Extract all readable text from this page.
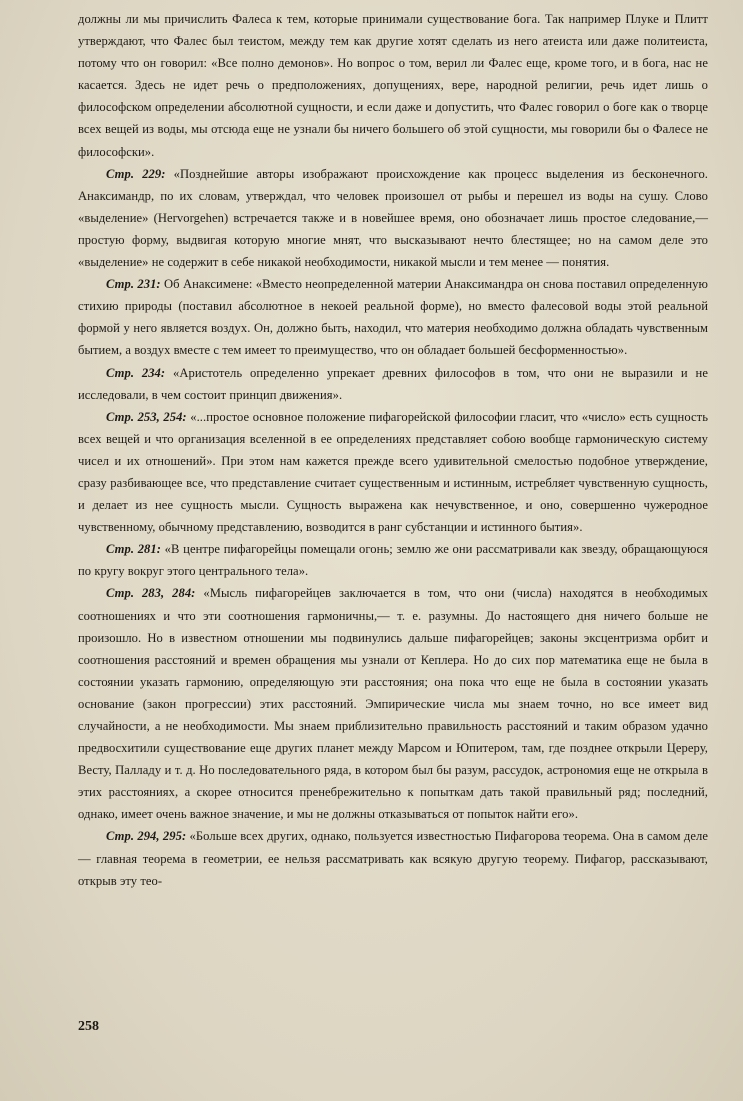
должны ли мы причислить Фалеса к тем, которые принимали существование бога. Так например Плуке и Плитт утверждают, что Фалес был теистом, между тем как другие хотят сделать из него атеиста или даже политеиста, потому что он говорил: «Все полно демонов». Но вопрос о том, верил ли Фалес еще, кроме того, и в бога, нас не касается. Здесь не идет речь о предположениях, допущениях, вере, народной религии, речь идет лишь о философском определении абсолютной сущности, и если даже и допустить, что Фалес говорил о боге как о творце всех вещей из воды, мы отсюда еще не узнали бы ничего большего об этой сущности, мы говорили бы о Фалесе не философски».

Стр. 229: «Позднейшие авторы изображают происхождение как процесс выделения из бесконечного. Анаксимандр, по их словам, утверждал, что человек произошел от рыбы и перешел из воды на сушу. Слово «выделение» (Hervorgehen) встречается также и в новейшее время, оно обозначает лишь простое следование,— простую форму, выдвигая которую многие мнят, что высказывают нечто блестящее; но на самом деле это «выделение» не содержит в себе никакой необходимости, никакой мысли и тем менее — понятия.

Стр. 231: Об Анаксимене: «Вместо неопределенной материи Анаксимандра он снова поставил определенную стихию природы (поставил абсолютное в некоей реальной форме), но вместо фалесовой воды этой реальной формой у него является воздух. Он, должно быть, находил, что материя необходимо должна обладать чувственным бытием, а воздух вместе с тем имеет то преимущество, что он обладает большей бесформенностью».

Стр. 234: «Аристотель определенно упрекает древних философов в том, что они не выразили и не исследовали, в чем состоит принцип движения».

Стр. 253, 254: «...простое основное положение пифагорейской философии гласит, что «число» есть сущность всех вещей и что организация вселенной в ее определениях представляет собою вообще гармоническую систему чисел и их отношений». При этом нам кажется прежде всего удивительной смелостью подобное утверждение, сразу разбивающее все, что представление считает существенным и истинным, истребляет чувственную сущность, и делает из нее сущность мысли. Сущность выражена как нечувственное, и оно, совершенно чужеродное чувственному, обычному представлению, возводится в ранг субстанции и истинного бытия».

Стр. 281: «В центре пифагорейцы помещали огонь; землю же они рассматривали как звезду, обращающуюся по кругу вокруг этого центрального тела».

Стр. 283, 284: «Мысль пифагорейцев заключается в том, что они (числа) находятся в необходимых соотношениях и что эти соотношения гармоничны,— т. е. разумны. До настоящего дня ничего больше не произошло. Но в известном отношении мы подвинулись дальше пифагорейцев; законы эксцентризма орбит и соотношения расстояний и времен обращения мы узнали от Кеплера. Но до сих пор математика еще не была в состоянии указать гармонию, определяющую эти расстояния; она пока что еще не была в состоянии указать основание (закон прогрессии) этих расстояний. Эмпирические числа мы знаем точно, но все имеет вид случайности, а не необходимости. Мы знаем приблизительно правильность расстояний и таким образом удачно предвосхитили существование еще других планет между Марсом и Юпитером, там, где позднее открыли Цереру, Весту, Палладу и т. д. Но последовательного ряда, в котором был бы разум, рассудок, астрономия еще не открыла в этих расстояниях, а скорее относится пренебрежительно к попыткам дать такой правильный ряд; последний, однако, имеет очень важное значение, и мы не должны отказываться от попыток найти его».

Стр. 294, 295: «Больше всех других, однако, пользуется известностью Пифагорова теорема. Она в самом деле — главная теорема в геометрии, ее нельзя рассматривать как всякую другую теорему. Пифагор, рассказывают, открыв эту тео-

258
